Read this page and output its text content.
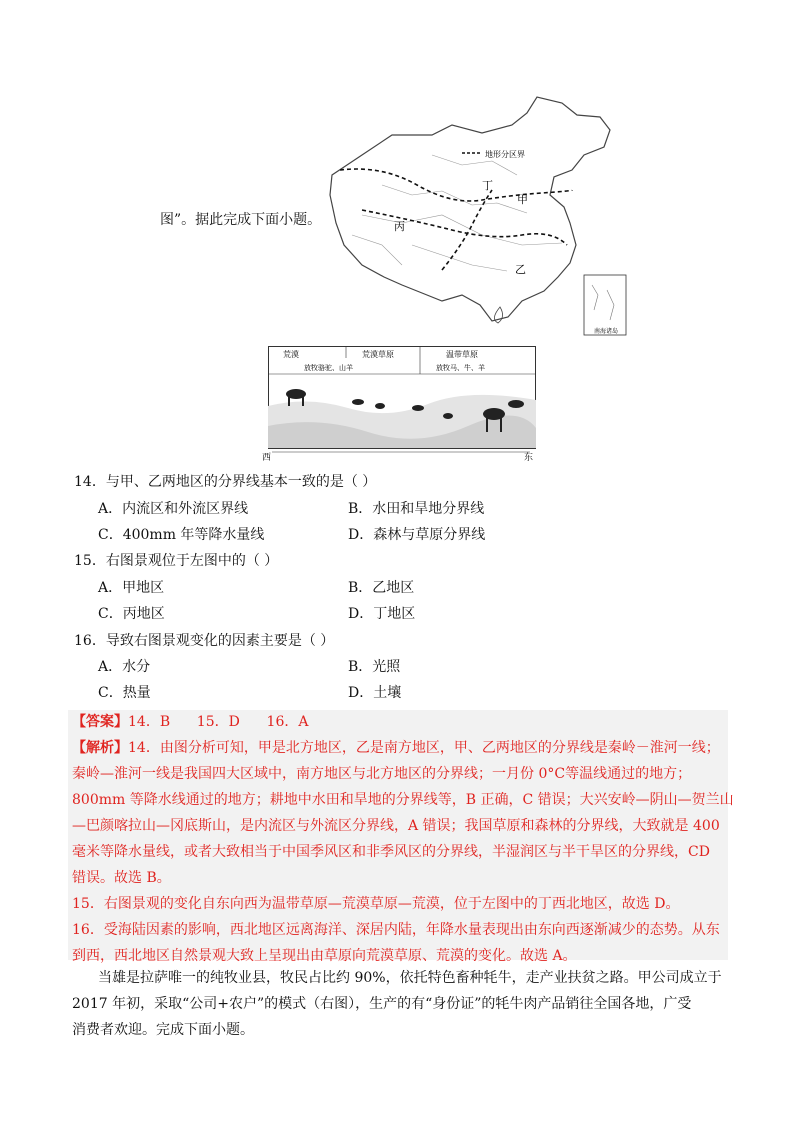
图”。据此完成下面小题。
地形分区界
丁
甲
丙
乙
南海诸岛
荒漠	荒漠草原	温带草原
放牧骆驼、山羊	放牧马、牛、羊
西	东
14．与甲、乙两地区的分界线基本一致的是（ ）
A．内流区和外流区界线	B．水田和旱地分界线
C．400mm 年等降水量线	D．森林与草原分界线
15．右图景观位于左图中的（ ）
A．甲地区	B．乙地区
C．丙地区	D．丁地区
16．导致右图景观变化的因素主要是（ ）
A．水分	B．光照
C．热量	D．土壤
【答案】14．B      15．D      16．A
【解析】14．由图分析可知，甲是北方地区，乙是南方地区，甲、乙两地区的分界线是秦岭－淮河一线；
秦岭—淮河一线是我国四大区域中，南方地区与北方地区的分界线；一月份 0°C等温线通过的地方；
800mm 等降水线通过的地方；耕地中水田和旱地的分界线等，B 正确，C 错误；大兴安岭—阴山—贺兰山
—巴颜喀拉山—冈底斯山，是内流区与外流区分界线，A 错误；我国草原和森林的分界线，大致就是 400
毫米等降水量线，或者大致相当于中国季风区和非季风区的分界线，半湿润区与半干旱区的分界线，CD
错误。故选 B。
15．右图景观的变化自东向西为温带草原—荒漠草原—荒漠，位于左图中的丁西北地区，故选 D。
16．受海陆因素的影响，西北地区远离海洋、深居内陆，年降水量表现出由东向西逐渐减少的态势。从东
到西，西北地区自然景观大致上呈现出由草原向荒漠草原、荒漠的变化。故选 A。
当雄是拉萨唯一的纯牧业县，牧民占比约 90%，依托特色畜种牦牛，走产业扶贫之路。甲公司成立于
2017 年初，采取“公司+农户”的模式（右图），生产的有“身份证”的牦牛肉产品销往全国各地，广受
消费者欢迎。完成下面小题。
